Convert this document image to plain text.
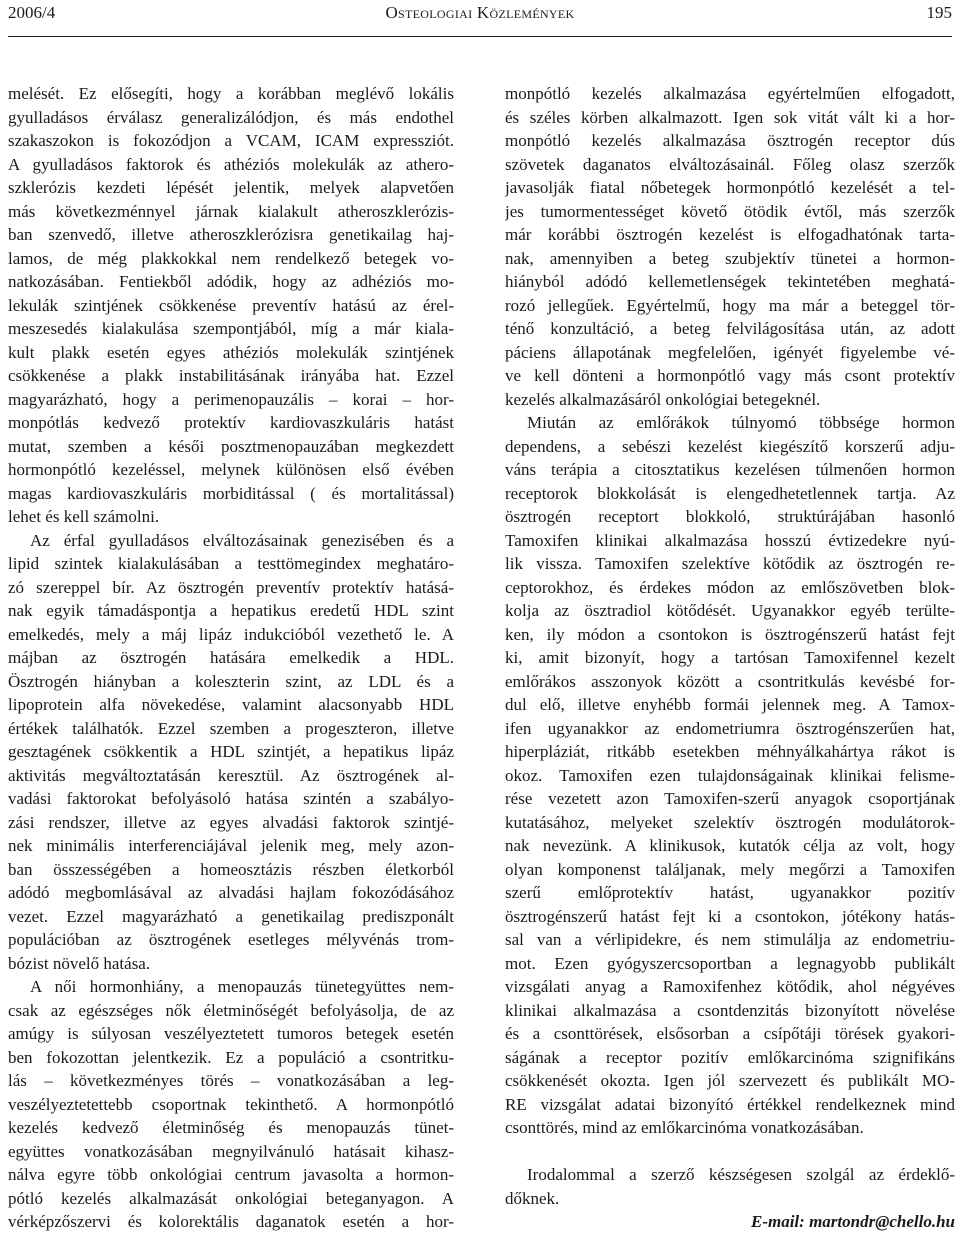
2006/4	Osteologiai Közlemények	195
melését. Ez elősegíti, hogy a korábban meglévő lokális
gyulladásos érválasz generalizálódjon, és más endothel
szakaszokon is fokozódjon a VCAM, ICAM expressziót.
A gyulladásos faktorok és athéziós molekulák az athero-
szklerózis kezdeti lépését jelentik, melyek alapvetően
más következménnyel járnak kialakult atheroszklerózis-
ban szenvedő, illetve atheroszklerózisra genetikailag haj-
lamos, de még plakkokkal nem rendelkező betegek vo-
natkozásában. Fentiekből adódik, hogy az adhéziós mo-
lekulák szintjének csökkenése preventív hatású az érel-
meszesedés kialakulása szempontjából, míg a már kiala-
kult plakk esetén egyes athéziós molekulák szintjének
csökkenése a plakk instabilitásának irányába hat. Ezzel
magyarázható, hogy a perimenopauzális – korai – hor-
monpótlás kedvező protektív kardiovaszkuláris hatást
mutat, szemben a késői posztmenopauzában megkezdett
hormonpótló kezeléssel, melynek különösen első évében
magas kardiovaszkuláris morbiditással ( és mortalitással)
lehet és kell számolni.
Az érfal gyulladásos elváltozásainak genezisében és a
lipid szintek kialakulásában a testtömegindex meghatáro-
zó szereppel bír. Az ösztrogén preventív protektív hatásá-
nak egyik támadáspontja a hepatikus eredetű HDL szint
emelkedés, mely a máj lipáz indukcióból vezethető le. A
májban az ösztrogén hatására emelkedik a HDL.
Ösztrogén hiányban a koleszterin szint, az LDL és a
lipoprotein alfa növekedése, valamint alacsonyabb HDL
értékek találhatók. Ezzel szemben a progeszteron, illetve
gesztagének csökkentik a HDL szintjét, a hepatikus lipáz
aktivitás megváltoztatásán keresztül. Az ösztrogének al-
vadási faktorokat befolyásoló hatása szintén a szabályo-
zási rendszer, illetve az egyes alvadási faktorok szintjé-
nek minimális interferenciájával jelenik meg, mely azon-
ban összességében a homeosztázis részben életkorból
adódó megbomlásával az alvadási hajlam fokozódásához
vezet. Ezzel magyarázható a genetikailag prediszponált
populációban az ösztrogének esetleges mélyvénás trom-
bózist növelő hatása.
A női hormonhiány, a menopauzás tünetegyüttes nem-
csak az egészséges nők életminőségét befolyásolja, de az
amúgy is súlyosan veszélyeztetett tumoros betegek esetén
ben fokozottan jelentkezik. Ez a populáció a csontritku-
lás – következményes törés – vonatkozásában a leg-
veszélyeztetettebb csoportnak tekinthető. A hormonpótló
kezelés kedvező életminőség és menopauzás tünet-
együttes vonatkozásában megnyilvánuló hatásait kihasz-
nálva egyre több onkológiai centrum javasolta a hormon-
pótló kezelés alkalmazását onkológiai beteganyagon. A
vérképzőszervi és kolorektális daganatok esetén a hor-
monpótló kezelés alkalmazása egyértelműen elfogadott,
és széles körben alkalmazott. Igen sok vitát vált ki a hor-
monpótló kezelés alkalmazása ösztrogén receptor dús
szövetek daganatos elváltozásainál. Főleg olasz szerzők
javasolják fiatal nőbetegek hormonpótló kezelését a tel-
jes tumormentességet követő ötödik évtől, más szerzők
már korábbi ösztrogén kezelést is elfogadhatónak tarta-
nak, amennyiben a beteg szubjektív tünetei a hormon-
hiányból adódó kellemetlenségek tekintetében meghatá-
rozó jellegűek. Egyértelmű, hogy ma már a beteggel tör-
ténő konzultáció, a beteg felvilágosítása után, az adott
páciens állapotának megfelelően, igényét figyelembe vé-
ve kell dönteni a hormonpótló vagy más csont protektív
kezelés alkalmazásáról onkológiai betegeknél.
Miután az emlőrákok túlnyomó többsége hormon
dependens, a sebészi kezelést kiegészítő korszerű adju-
váns terápia a citosztatikus kezelésen túlmenően hormon
receptorok blokkolását is elengedhetetlennek tartja. Az
ösztrogén receptort blokkoló, struktúrájában hasonló
Tamoxifen klinikai alkalmazása hosszú évtizedekre nyú-
lik vissza. Tamoxifen szelektíve kötődik az ösztrogén re-
ceptorokhoz, és érdekes módon az emlőszövetben blok-
kolja az ösztradiol kötődését. Ugyanakkor egyéb terülte-
ken, ily módon a csontokon is ösztrogénszerű hatást fejt
ki, amit bizonyít, hogy a tartósan Tamoxifennel kezelt
emlőrákos asszonyok között a csontritkulás kevésbé for-
dul elő, illetve enyhébb formái jelennek meg. A Tamox-
ifen ugyanakkor az endometriumra ösztrogénszerűen hat,
hiperpláziát, ritkább esetekben méhnyálkahártya rákot is
okoz. Tamoxifen ezen tulajdonságainak klinikai felisme-
rése vezetett azon Tamoxifen-szerű anyagok csoportjának
kutatásához, melyeket szelektív ösztrogén modulátorok-
nak nevezünk. A klinikusok, kutatók célja az volt, hogy
olyan komponenst találjanak, mely megőrzi a Tamoxifen
szerű emlőprotektív hatást, ugyanakkor pozitív
ösztrogénszerű hatást fejt ki a csontokon, jótékony hatás-
sal van a vérlipidekre, és nem stimulálja az endometriu-
mot. Ezen gyógyszercsoportban a legnagyobb publikált
vizsgálati anyag a Ramoxifenhez kötődik, ahol négyéves
klinikai alkalmazása a csontdenzitás bizonyított növelése
és a csonttörések, elsősorban a csípőtáji törések gyakori-
ságának a receptor pozitív emlőkarcinóma szignifikáns
csökkenését okozta. Igen jól szervezett és publikált MO-
RE vizsgálat adatai bizonyító értékkel rendelkeznek mind
csonttörés, mind az emlőkarcinóma vonatkozásában.
Irodalommal a szerző készségesen szolgál az érdeklő-
dőknek.
E-mail: martondr@chello.hu
